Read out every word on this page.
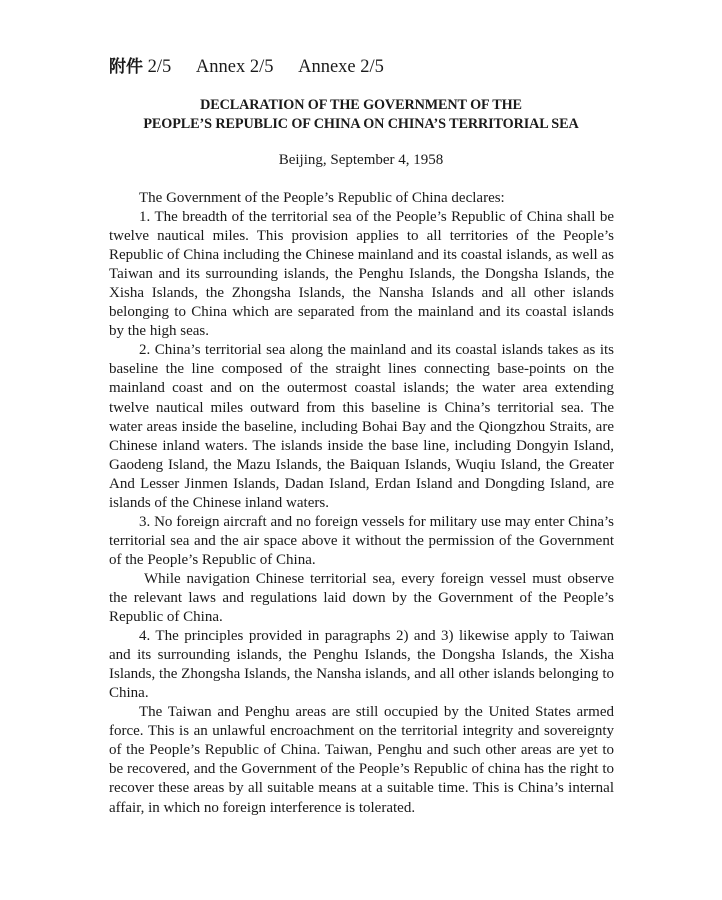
附件 2/5 Annex 2/5 Annexe 2/5
DECLARATION OF THE GOVERNMENT OF THE
PEOPLE’S REPUBLIC OF CHINA ON CHINA’S TERRITORIAL SEA
Beijing, September 4, 1958

The Government of the People’s Republic of China declares:

1. The breadth of the territorial sea of the People’s Republic of China shall be twelve nautical miles. This provision applies to all territories of the People’s Republic of China including the Chinese mainland and its coastal islands, as well as Taiwan and its surrounding islands, the Penghu Islands, the Dongsha Islands, the Xisha Islands, the Zhongsha Islands, the Nansha Islands and all other islands belonging to China which are separated from the mainland and its coastal islands by the high seas.

2. China’s territorial sea along the mainland and its coastal islands takes as its baseline the line composed of the straight lines connecting base-points on the mainland coast and on the outermost coastal islands; the water area extending twelve nautical miles outward from this baseline is China’s territorial sea. The water areas inside the baseline, including Bohai Bay and the Qiongzhou Straits, are Chinese inland waters. The islands inside the base line, including Dongyin Island, Gaodeng Island, the Mazu Islands, the Baiquan Islands, Wuqiu Island, the Greater And Lesser Jinmen Islands, Dadan Island, Erdan Island and Dongding Island, are islands of the Chinese inland waters.

3. No foreign aircraft and no foreign vessels for military use may enter China’s territorial sea and the air space above it without the permission of the Government of the People’s Republic of China.

While navigation Chinese territorial sea, every foreign vessel must observe the relevant laws and regulations laid down by the Government of the People’s Republic of China.

4. The principles provided in paragraphs 2) and 3) likewise apply to Taiwan and its surrounding islands, the Penghu Islands, the Dongsha Islands, the Xisha Islands, the Zhongsha Islands, the Nansha islands, and all other islands belonging to China.

The Taiwan and Penghu areas are still occupied by the United States armed force. This is an unlawful encroachment on the territorial integrity and sovereignty of the People’s Republic of China. Taiwan, Penghu and such other areas are yet to be recovered, and the Government of the People’s Republic of china has the right to recover these areas by all suitable means at a suitable time. This is China’s internal affair, in which no foreign interference is tolerated.
